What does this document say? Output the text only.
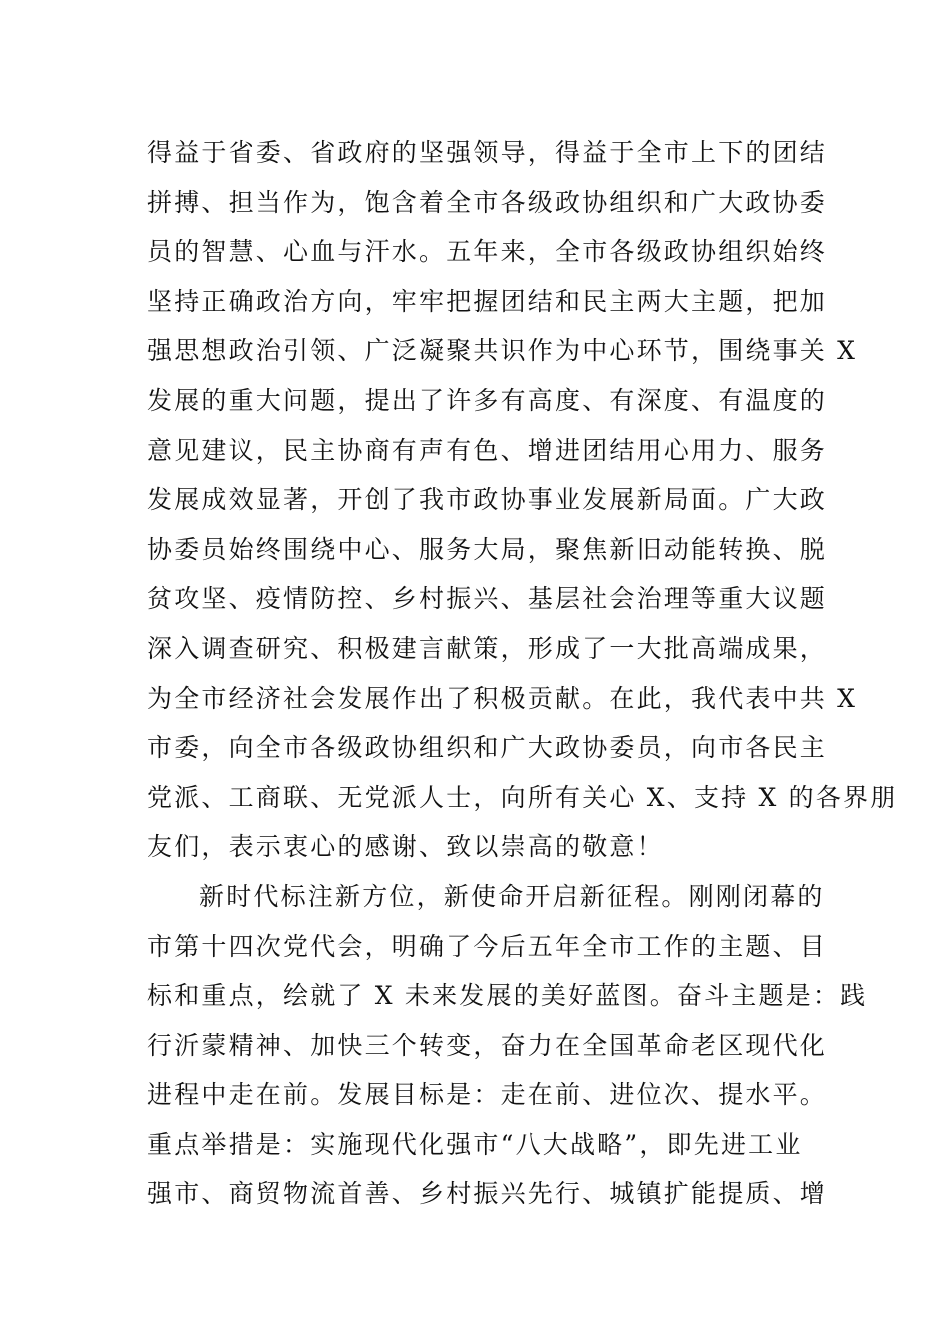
得益于省委、省政府的坚强领导，得益于全市上下的团结
拼搏、担当作为，饱含着全市各级政协组织和广大政协委
员的智慧、心血与汗水。五年来，全市各级政协组织始终
坚持正确政治方向，牢牢把握团结和民主两大主题，把加
强思想政治引领、广泛凝聚共识作为中心环节，围绕事关 X
发展的重大问题，提出了许多有高度、有深度、有温度的
意见建议，民主协商有声有色、增进团结用心用力、服务
发展成效显著，开创了我市政协事业发展新局面。广大政
协委员始终围绕中心、服务大局，聚焦新旧动能转换、脱
贫攻坚、疫情防控、乡村振兴、基层社会治理等重大议题
深入调查研究、积极建言献策，形成了一大批高端成果，
为全市经济社会发展作出了积极贡献。在此，我代表中共 X
市委，向全市各级政协组织和广大政协委员，向市各民主
党派、工商联、无党派人士，向所有关心 X、支持 X 的各界朋
友们，表示衷心的感谢、致以崇高的敬意！
新时代标注新方位，新使命开启新征程。刚刚闭幕的
市第十四次党代会，明确了今后五年全市工作的主题、目
标和重点，绘就了 X 未来发展的美好蓝图。奋斗主题是：践
行沂蒙精神、加快三个转变，奋力在全国革命老区现代化
进程中走在前。发展目标是：走在前、进位次、提水平。
重点举措是：实施现代化强市“八大战略”，即先进工业
强市、商贸物流首善、乡村振兴先行、城镇扩能提质、增
